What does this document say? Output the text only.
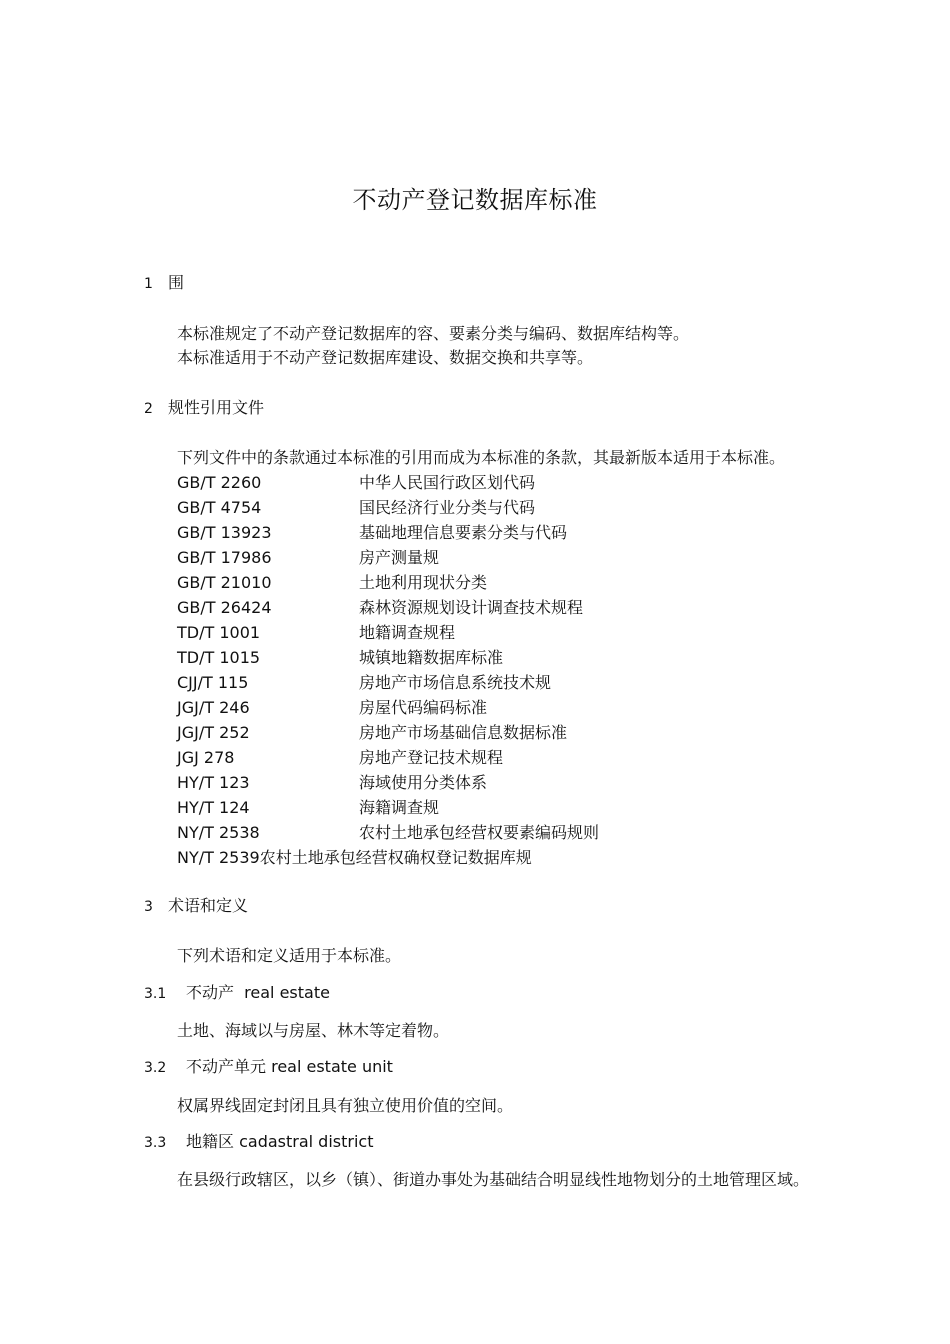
不动产登记数据库标准
1 围
本标准规定了不动产登记数据库的容、要素分类与编码、数据库结构等。
本标准适用于不动产登记数据库建设、数据交换和共享等。
2 规性引用文件
下列文件中的条款通过本标准的引用而成为本标准的条款，其最新版本适用于本标准。
GB/T 2260	中华人民国行政区划代码
GB/T 4754	国民经济行业分类与代码
GB/T 13923	基础地理信息要素分类与代码
GB/T 17986	房产测量规
GB/T 21010	土地利用现状分类
GB/T 26424	森林资源规划设计调查技术规程
TD/T 1001	地籍调查规程
TD/T 1015	城镇地籍数据库标准
CJJ/T 115	房地产市场信息系统技术规
JGJ/T 246	房屋代码编码标准
JGJ/T 252	房地产市场基础信息数据标准
JGJ 278	房地产登记技术规程
HY/T 123	海域使用分类体系
HY/T 124	海籍调查规
NY/T 2538	农村土地承包经营权要素编码规则
NY/T 2539农村土地承包经营权确权登记数据库规
3 术语和定义
下列术语和定义适用于本标准。
3.1 不动产  real estate
土地、海域以与房屋、林木等定着物。
3.2 不动产单元 real estate unit
权属界线固定封闭且具有独立使用价值的空间。
3.3 地籍区 cadastral district
在县级行政辖区，以乡（镇）、街道办事处为基础结合明显线性地物划分的土地管理区域。
